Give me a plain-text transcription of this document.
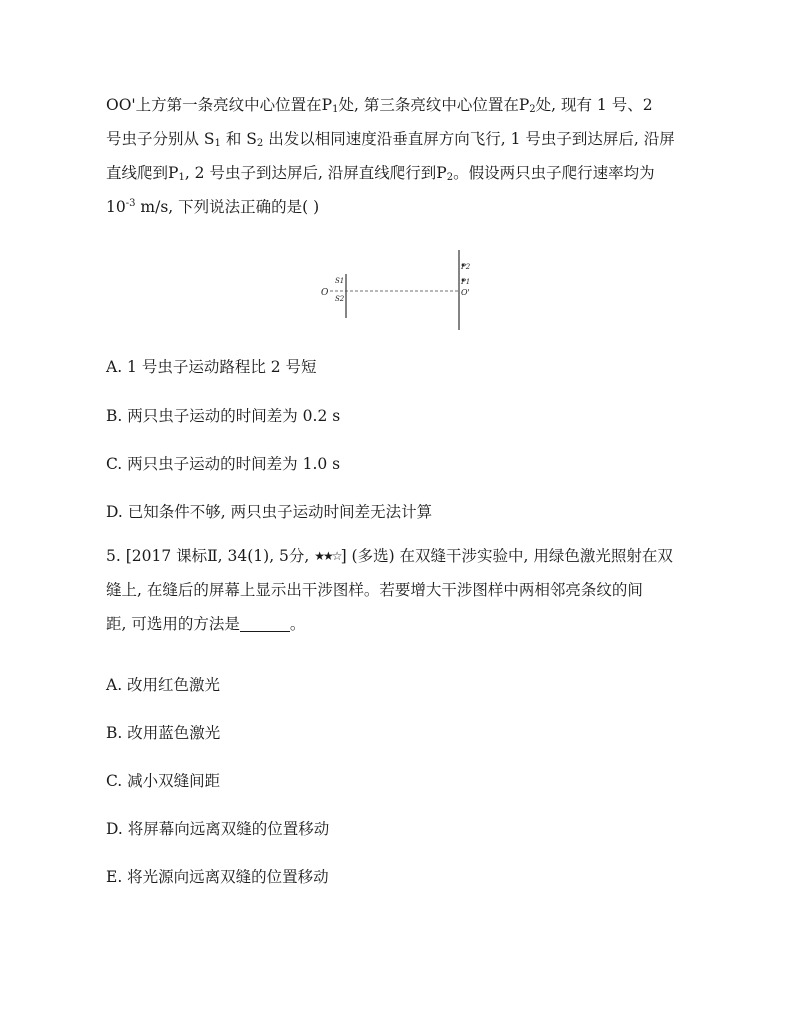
OO'上方第一条亮纹中心位置在$P_1$处, 第三条亮纹中心位置在$P_2$处, 现有 1 号、2

号虫子分别从 $S_1$ 和 $S_2$ 出发以相同速度沿垂直屏方向飞行, 1 号虫子到达屏后, 沿屏

直线爬到$P_1$, 2 号虫子到达屏后, 沿屏直线爬行到$P_2$。假设两只虫子爬行速率均为

$10^{-3}$ m/s, 下列说法正确的是( )

O
S1
S2
P2
P1
O'

A. 1 号虫子运动路程比 2 号短

B. 两只虫子运动的时间差为 0.2 s

C. 两只虫子运动的时间差为 1.0 s

D. 已知条件不够, 两只虫子运动时间差无法计算

5. [2017 课标Ⅱ, 34(1), 5分, ★★☆] (多选) 在双缝干涉实验中, 用绿色激光照射在双

缝上, 在缝后的屏幕上显示出干涉图样。若要增大干涉图样中两相邻亮条纹的间

距, 可选用的方法是	。

A. 改用红色激光

B. 改用蓝色激光

C. 减小双缝间距

D. 将屏幕向远离双缝的位置移动

E. 将光源向远离双缝的位置移动
